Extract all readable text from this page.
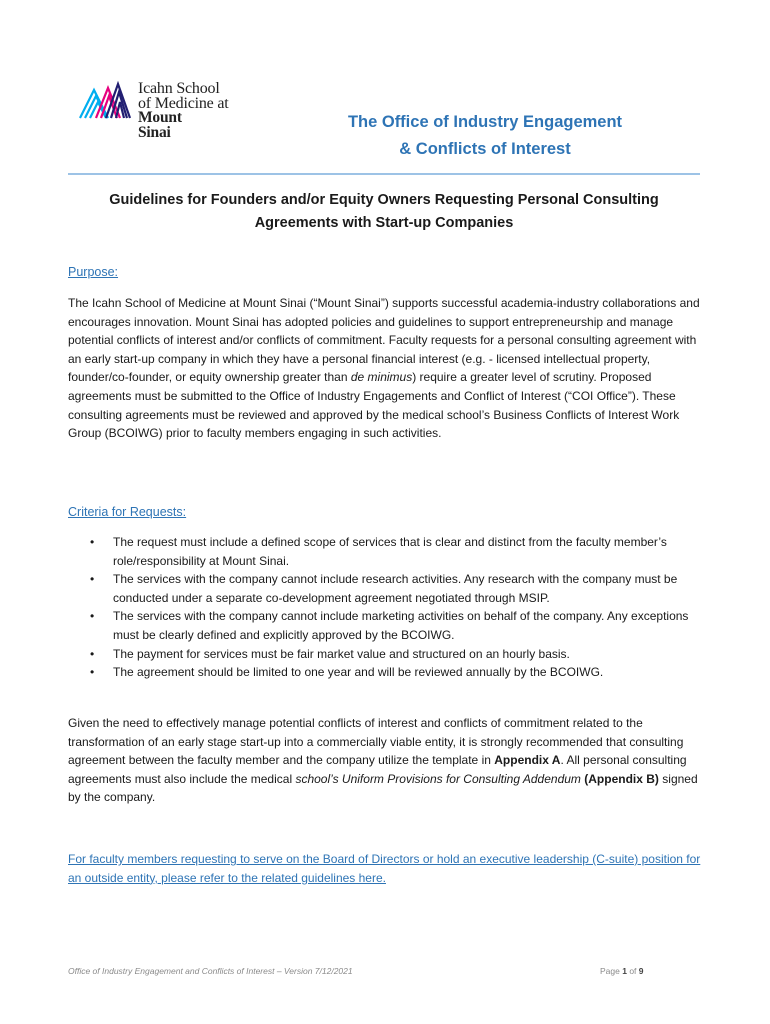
Icahn School
of Medicine at
Mount
Sinai
The Office of Industry Engagement
& Conflicts of Interest
Guidelines for Founders and/or Equity Owners Requesting Personal Consulting
Agreements with Start-up Companies
Purpose:
The Icahn School of Medicine at Mount Sinai (“Mount Sinai”) supports successful academia-industry collaborations and encourages innovation. Mount Sinai has adopted policies and guidelines to support entrepreneurship and manage potential conflicts of interest and/or conflicts of commitment. Faculty requests for a personal consulting agreement with an early start-up company in which they have a personal financial interest (e.g. - licensed intellectual property, founder/co-founder, or equity ownership greater than de minimus) require a greater level of scrutiny. Proposed agreements must be submitted to the Office of Industry Engagements and Conflict of Interest (“COI Office”). These consulting agreements must be reviewed and approved by the medical school’s Business Conflicts of Interest Work Group (BCOIWG) prior to faculty members engaging in such activities.
Criteria for Requests:
• The request must include a defined scope of services that is clear and distinct from the faculty member’s role/responsibility at Mount Sinai.
• The services with the company cannot include research activities. Any research with the company must be conducted under a separate co-development agreement negotiated through MSIP.
• The services with the company cannot include marketing activities on behalf of the company. Any exceptions must be clearly defined and explicitly approved by the BCOIWG.
• The payment for services must be fair market value and structured on an hourly basis.
• The agreement should be limited to one year and will be reviewed annually by the BCOIWG.
Given the need to effectively manage potential conflicts of interest and conflicts of commitment related to the transformation of an early stage start-up into a commercially viable entity, it is strongly recommended that consulting agreement between the faculty member and the company utilize the template in Appendix A. All personal consulting agreements must also include the medical school’s Uniform Provisions for Consulting Addendum (Appendix B) signed by the company.
For faculty members requesting to serve on the Board of Directors or hold an executive leadership (C-suite) position for an outside entity, please refer to the related guidelines here.
Office of Industry Engagement and Conflicts of Interest – Version 7/12/2021	Page 1 of 9
